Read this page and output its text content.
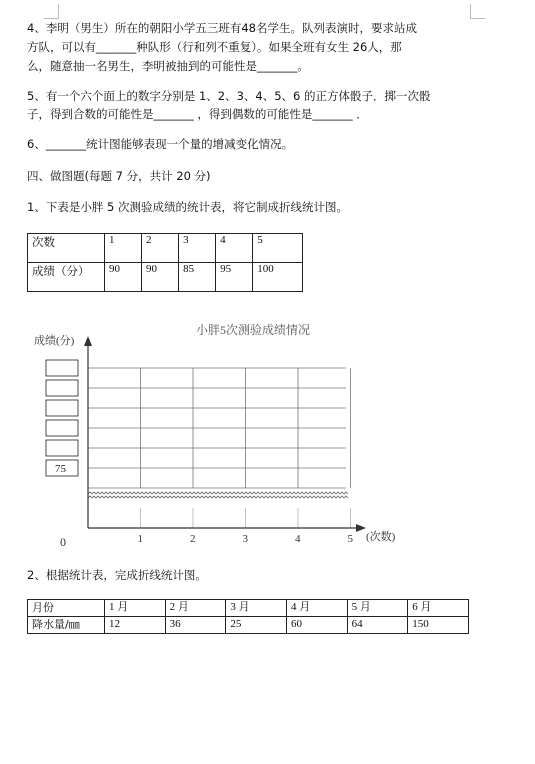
4、李明（男生）所在的朝阳小学五三班有48名学生。队列表演时，要求站成
方队，可以有_______种队形（行和列不重复）。如果全班有女生 26人，那
么，随意抽一名男生，李明被抽到的可能性是_______。
5、有一个六个面上的数字分别是 1、2、3、4、5、6 的正方体骰子．掷一次骰
子，得到合数的可能性是_______ ，得到偶数的可能性是_______ ．
6、_______统计图能够表现一个量的增减变化情况。
四、做图题(每题 7 分，共计 20 分)
1、下表是小胖 5 次测验成绩的统计表，将它制成折线统计图。
次数	1	2	3	4	5
成绩（分）	90	90	85	95	100
小胖5次测验成绩情况
成绩(分)
75
1	2	3	4	5
0	(次数)
2、根据统计表，完成折线统计图。
月份	1 月	2 月	3 月	4 月	5 月	6 月
降水量/㎜	12	36	25	60	64	150
